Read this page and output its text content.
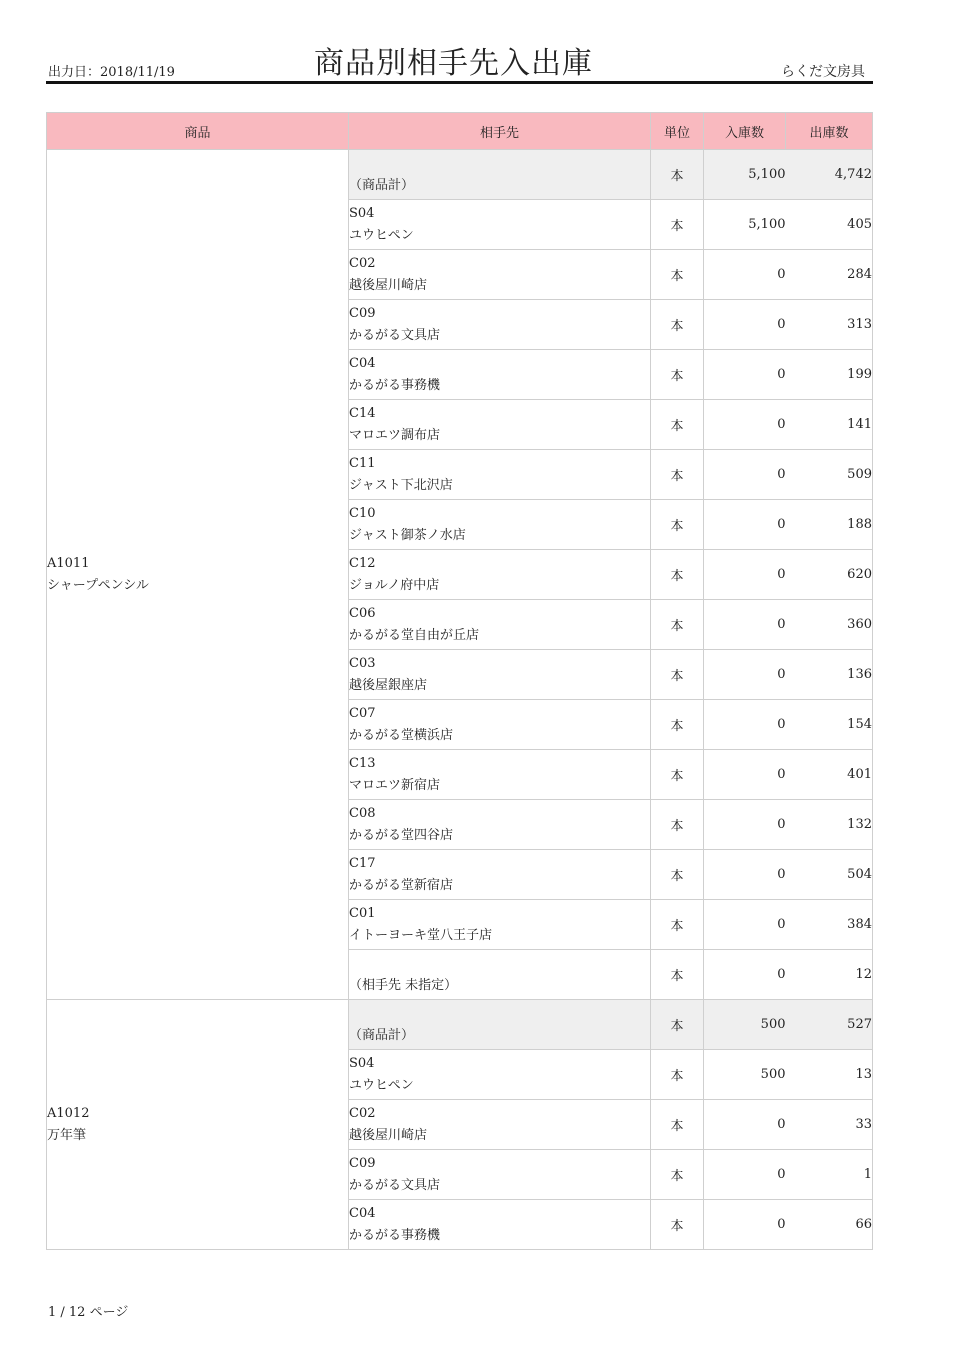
出力日：2018/11/19	商品別相手先入出庫	らくだ文房具
商品	相手先	単位	入庫数	出庫数

A1011
シャープペンシル	（商品計）	本	5,100	4,742

	S04
ユウヒペン	本	5,100	405

	C02
越後屋川崎店	本	0	284

	C09
かるがる文具店	本	0	313

	C04
かるがる事務機	本	0	199

	C14
マロエツ調布店	本	0	141

	C11
ジャスト下北沢店	本	0	509

	C10
ジャスト御茶ノ水店	本	0	188

	C12
ジョルノ府中店	本	0	620

	C06
かるがる堂自由が丘店	本	0	360

	C03
越後屋銀座店	本	0	136

	C07
かるがる堂横浜店	本	0	154

	C13
マロエツ新宿店	本	0	401

	C08
かるがる堂四谷店	本	0	132

	C17
かるがる堂新宿店	本	0	504

	C01
イトーヨーキ堂八王子店	本	0	384

	（相手先 未指定）	本	0	12

A1012
万年筆	（商品計）	本	500	527

	S04
ユウヒペン	本	500	13

	C02
越後屋川崎店	本	0	33

	C09
かるがる文具店	本	0	1

	C04
かるがる事務機	本	0	66
1 / 12 ページ
